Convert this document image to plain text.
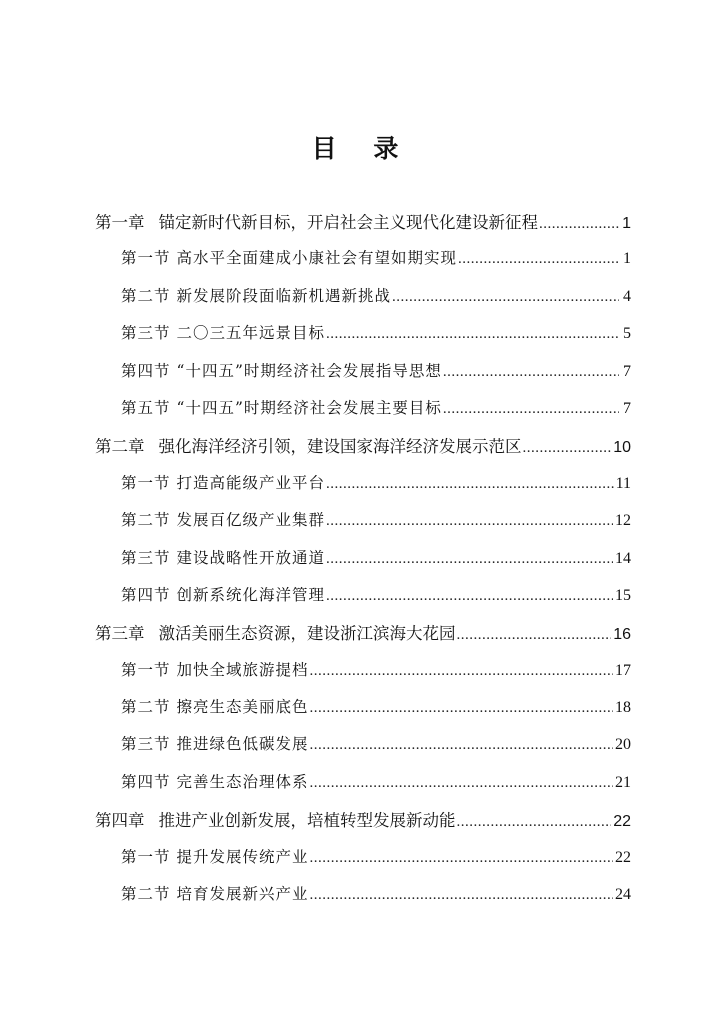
目 录
第一章 锚定新时代新目标，开启社会主义现代化建设新征程 .....	1
第一节 高水平全面建成小康社会有望如期实现 .....	1
第二节 新发展阶段面临新机遇新挑战 .....	4
第三节 二〇三五年远景目标 .....	5
第四节 “十四五”时期经济社会发展指导思想 .....	7
第五节 “十四五”时期经济社会发展主要目标 .....	7
第二章 强化海洋经济引领，建设国家海洋经济发展示范区 .....	10
第一节 打造高能级产业平台 .....	11
第二节 发展百亿级产业集群 .....	12
第三节 建设战略性开放通道 .....	14
第四节 创新系统化海洋管理 .....	15
第三章 激活美丽生态资源，建设浙江滨海大花园 .....	16
第一节 加快全域旅游提档 .....	17
第二节 擦亮生态美丽底色 .....	18
第三节 推进绿色低碳发展 .....	20
第四节 完善生态治理体系 .....	21
第四章 推进产业创新发展，培植转型发展新动能 .....	22
第一节 提升发展传统产业 .....	22
第二节 培育发展新兴产业 .....	24
